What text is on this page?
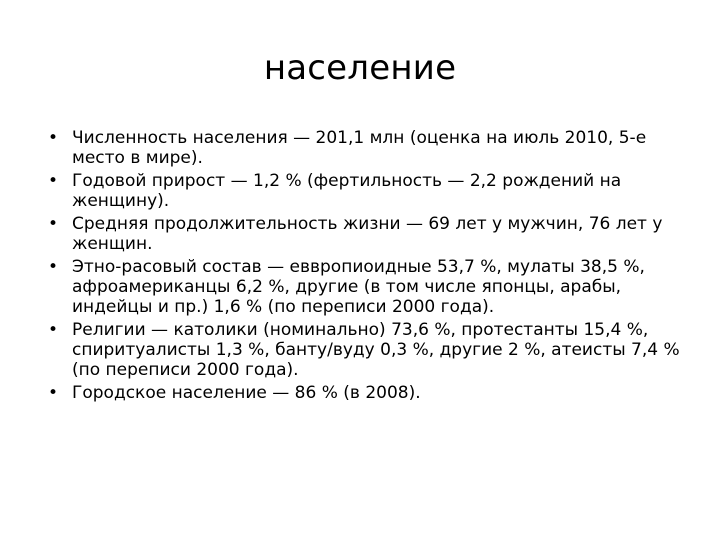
население
• Численность населения — 201,1 млн (оценка на июль 2010, 5-е место в мире).
• Годовой прирост — 1,2 % (фертильность — 2,2 рождений на женщину).
• Средняя продолжительность жизни — 69 лет у мужчин, 76 лет у женщин.
• Этно-расовый состав — евврoпиоидные 53,7 %, мулаты 38,5 %, афроамериканцы 6,2 %, другие (в том числе японцы, арабы, индейцы и пр.) 1,6 % (по переписи 2000 года).
• Религии — католики (номинально) 73,6 %, протестанты 15,4 %, спиритуалисты 1,3 %, банту/вуду 0,3 %, другие 2 %, атеисты 7,4 % (по переписи 2000 года).
• Городское население — 86 % (в 2008).
